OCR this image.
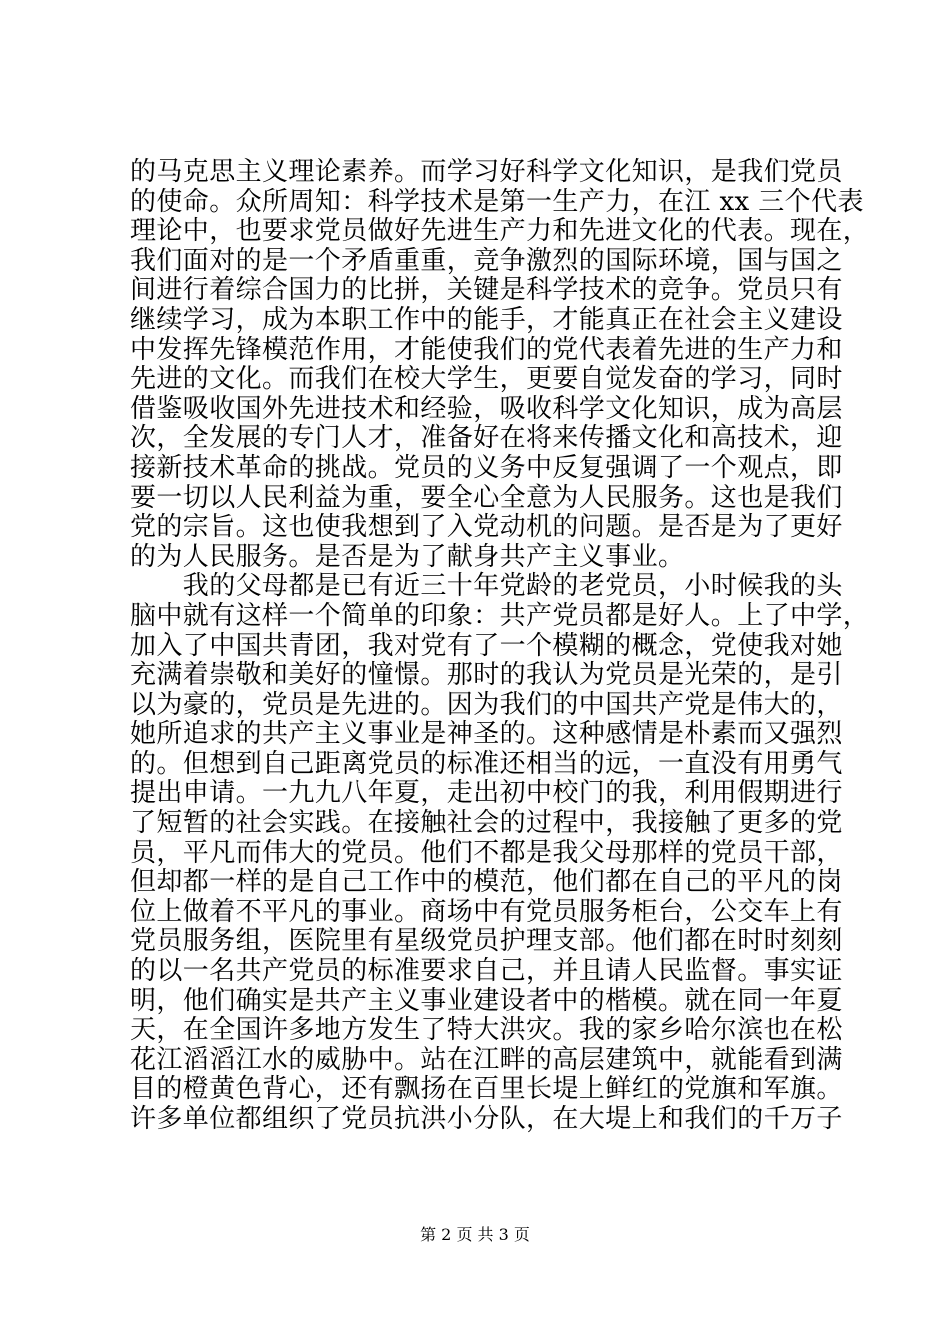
的马克思主义理论素养。而学习好科学文化知识，是我们党员
的使命。众所周知：科学技术是第一生产力，在江 xx 三个代表
理论中，也要求党员做好先进生产力和先进文化的代表。现在，
我们面对的是一个矛盾重重，竞争激烈的国际环境，国与国之
间进行着综合国力的比拼，关键是科学技术的竞争。党员只有
继续学习，成为本职工作中的能手，才能真正在社会主义建设
中发挥先锋模范作用，才能使我们的党代表着先进的生产力和
先进的文化。而我们在校大学生，更要自觉发奋的学习，同时
借鉴吸收国外先进技术和经验，吸收科学文化知识，成为高层
次，全发展的专门人才，准备好在将来传播文化和高技术，迎
接新技术革命的挑战。党员的义务中反复强调了一个观点，即
要一切以人民利益为重，要全心全意为人民服务。这也是我们
党的宗旨。这也使我想到了入党动机的问题。是否是为了更好
的为人民服务。是否是为了献身共产主义事业。
　　我的父母都是已有近三十年党龄的老党员，小时候我的头
脑中就有这样一个简单的印象：共产党员都是好人。上了中学，
加入了中国共青团，我对党有了一个模糊的概念，党使我对她
充满着崇敬和美好的憧憬。那时的我认为党员是光荣的，是引
以为豪的，党员是先进的。因为我们的中国共产党是伟大的，
她所追求的共产主义事业是神圣的。这种感情是朴素而又强烈
的。但想到自己距离党员的标准还相当的远，一直没有用勇气
提出申请。一九九八年夏，走出初中校门的我，利用假期进行
了短暂的社会实践。在接触社会的过程中，我接触了更多的党
员，平凡而伟大的党员。他们不都是我父母那样的党员干部，
但却都一样的是自己工作中的模范，他们都在自己的平凡的岗
位上做着不平凡的事业。商场中有党员服务柜台，公交车上有
党员服务组，医院里有星级党员护理支部。他们都在时时刻刻
的以一名共产党员的标准要求自己，并且请人民监督。事实证
明，他们确实是共产主义事业建设者中的楷模。就在同一年夏
天，在全国许多地方发生了特大洪灾。我的家乡哈尔滨也在松
花江滔滔江水的威胁中。站在江畔的高层建筑中，就能看到满
目的橙黄色背心，还有飘扬在百里长堤上鲜红的党旗和军旗。
许多单位都组织了党员抗洪小分队，在大堤上和我们的千万子
第 2 页 共 3 页
